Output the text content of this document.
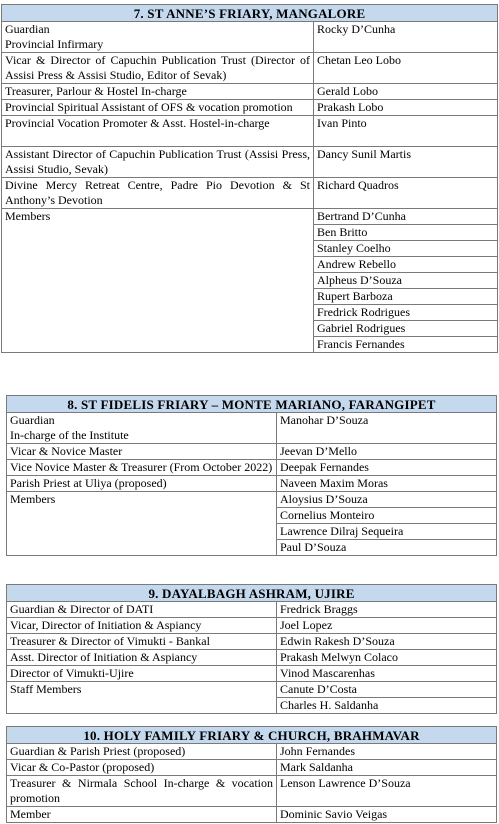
7. ST ANNE’S FRIARY, MANGALORE	

Guardian
Provincial Infirmary	Rocky D’Cunha
Vicar & Director of Capuchin Publication Trust (Director of Assisi Press & Assisi Studio, Editor of Sevak)	Chetan Leo Lobo
Treasurer, Parlour & Hostel In-charge	Gerald Lobo
Provincial Spiritual Assistant of OFS & vocation promotion	Prakash Lobo
Provincial Vocation Promoter & Asst. Hostel-in-charge	Ivan Pinto
Assistant Director of Capuchin Publication Trust (Assisi Press, Assisi Studio, Sevak)	Dancy Sunil Martis
Divine Mercy Retreat Centre, Padre Pio Devotion & St Anthony’s Devotion	Richard Quadros
Members	Bertrand D’Cunha
	Ben Britto
	Stanley Coelho
	Andrew Rebello
	Alpheus D’Souza
	Rupert Barboza
	Fredrick Rodrigues
	Gabriel Rodrigues
	Francis Fernandes
8. ST FIDELIS FRIARY – MONTE MARIANO, FARANGIPET	

Guardian
In-charge of the Institute	Manohar D’Souza
Vicar & Novice Master	Jeevan D’Mello
Vice Novice Master & Treasurer (From October 2022)	Deepak Fernandes
Parish Priest at Uliya (proposed)	Naveen Maxim Moras
Members	Aloysius D’Souza
	Cornelius Monteiro
	Lawrence Dilraj Sequeira
	Paul D’Souza
9. DAYALBAGH ASHRAM, UJIRE	
Guardian & Director of DATI	Fredrick Braggs
Vicar, Director of Initiation & Aspiancy	Joel Lopez
Treasurer & Director of Vimukti - Bankal	Edwin Rakesh D’Souza
Asst. Director of Initiation & Aspiancy	Prakash Melwyn Colaco
Director of Vimukti-Ujire	Vinod Mascarenhas
Staff Members	Canute D’Costa
	Charles H. Saldanha
10. HOLY FAMILY FRIARY & CHURCH, BRAHMAVAR	
Guardian & Parish Priest (proposed)	John Fernandes
Vicar & Co-Pastor (proposed)	Mark Saldanha
Treasurer & Nirmala School In-charge & vocation promotion	Lenson Lawrence D’Souza
Member	Dominic Savio Veigas
